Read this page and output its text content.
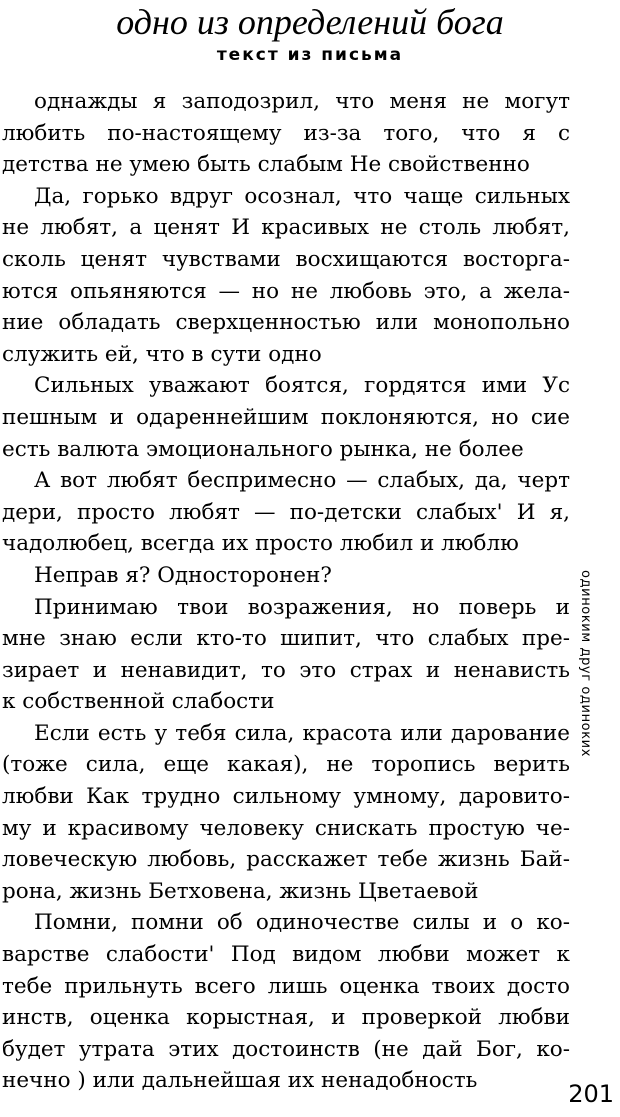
одно из определений бога
текст из письма
однажды я заподозрил, что меня не могут
любить по-настоящему из-за того, что я с
детства не умею быть слабым Не свойственно
Да, горько вдруг осознал, что чаще сильных
не любят, а ценят И красивых не столь любят,
сколь ценят чувствами восхищаются восторга-
ются опьяняются — но не любовь это, а жела-
ние обладать сверхценностью или монопольно
служить ей, что в сути одно
Сильных уважают боятся, гордятся ими Ус
пешным и одареннейшим поклоняются, но сие
есть валюта эмоционального рынка, не более
А вот любят беспримесно — слабых, да, черт
дери, просто любят — по-детски слабых' И я,
чадолюбец, всегда их просто любил и люблю
Неправ я? Односторонен?
Принимаю твои возражения, но поверь и
мне знаю если кто-то шипит, что слабых пре-
зирает и ненавидит, то это страх и ненависть
к собственной слабости
Если есть у тебя сила, красота или дарование
(тоже сила, еще какая), не торопись верить
любви Как трудно сильному умному, даровито-
му и красивому человеку снискать простую че-
ловеческую любовь, расскажет тебе жизнь Бай-
рона, жизнь Бетховена, жизнь Цветаевой
Помни, помни об одиночестве силы и о ко-
варстве слабости' Под видом любви может к
тебе прильнуть всего лишь оценка твоих досто
инств, оценка корыстная, и проверкой любви
будет утрата этих достоинств (не дай Бог, ко-
нечно ) или дальнейшая их ненадобность
одиноким друг одиноких
201
